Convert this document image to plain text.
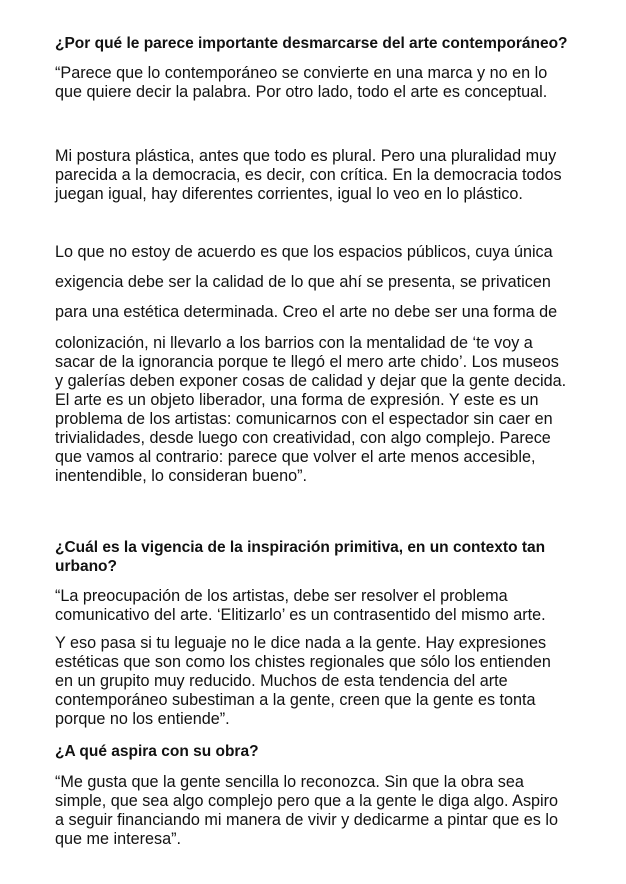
¿Por qué le parece importante desmarcarse del arte contemporáneo?
“Parece que lo contemporáneo se convierte en una marca y no en lo
que quiere decir la palabra. Por otro lado, todo el arte es conceptual.
Mi postura plástica, antes que todo es plural. Pero una pluralidad muy
parecida a la democracia, es decir, con crítica. En la democracia todos
juegan igual, hay diferentes corrientes, igual lo veo en lo plástico.
Lo que no estoy de acuerdo es que los espacios públicos, cuya única
exigencia debe ser la calidad de lo que ahí se presenta, se privaticen
para una estética determinada. Creo el arte no debe ser una forma de
colonización, ni llevarlo a los barrios con la mentalidad de ‘te voy a
sacar de la ignorancia porque te llegó el mero arte chido’. Los museos
y galerías deben exponer cosas de calidad y dejar que la gente decida.
El arte es un objeto liberador, una forma de expresión. Y este es un
problema de los artistas: comunicarnos con el espectador sin caer en
trivialidades, desde luego con creatividad, con algo complejo. Parece
que vamos al contrario: parece que volver el arte menos accesible,
inentendible, lo consideran bueno”.
¿Cuál es la vigencia de la inspiración primitiva, en un contexto tan
urbano?
“La preocupación de los artistas, debe ser resolver el problema
comunicativo del arte. ‘Elitizarlo’ es un contrasentido del mismo arte.
Y eso pasa si tu leguaje no le dice nada a la gente. Hay expresiones
estéticas que son como los chistes regionales que sólo los entienden
en un grupito muy reducido. Muchos de esta tendencia del arte
contemporáneo subestiman a la gente, creen que la gente es tonta
porque no los entiende”.
¿A qué aspira con su obra?
“Me gusta que la gente sencilla lo reconozca. Sin que la obra sea
simple, que sea algo complejo pero que a la gente le diga algo. Aspiro
a seguir financiando mi manera de vivir y dedicarme a pintar que es lo
que me interesa”.
